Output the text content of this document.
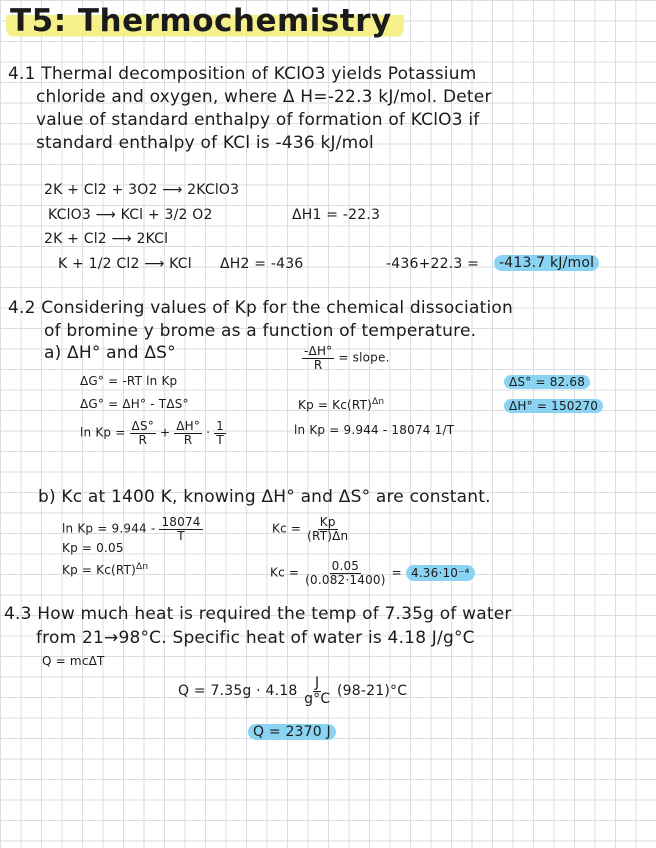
T5: Thermochemistry
4.1 Thermal decomposition of KClO3 yields Potassium
chloride and oxygen, where Δ H=-22.3 kJ/mol. Deter
value of standard enthalpy of formation of KClO3 if
standard enthalpy of KCl is -436 kJ/mol
2K + Cl2 + 3O2 ⟶ 2KClO3
KClO3 ⟶ KCl + 3/2 O2	ΔH1 = -22.3
2K + Cl2 ⟶ 2KCl
K + 1/2 Cl2 ⟶ KCl ΔH2 = -436	-436+22.3 =	-413.7 kJ/mol
4.2 Considering values of Kp for the chemical dissociation
of bromine y brome as a function of temperature.
a) ΔH° and ΔS°	$\frac{-\Delta H^\circ}{R}$ = slope.
ΔG° = -RT ln Kp
ΔG° = ΔH° - TΔS°
$\ln Kp = \frac{\Delta S^\circ}{R} + \frac{\Delta H^\circ}{R} \cdot \frac{1}{T}$
Kp = Kc(RT)$^{\Delta n}$
ln Kp = 9.944 - 18074 1/T
ΔS° = 82.68
ΔH° = 150270
b) Kc at 1400 K, knowing ΔH° and ΔS° are constant.
$\ln Kp = 9.944 - \frac{18074}{T}$
Kp = 0.05
Kp = Kc(RT)$^{\Delta n}$
$Kc = \frac{Kp}{(RT)\Delta n}$
$Kc = \frac{0.05}{(0.082\cdot 1400)} = 4.36\cdot 10^{-4}$
4.3 How much heat is required the temp of 7.35g of water
from 21→98°C. Specific heat of water is 4.18 J/g°C
Q = mcΔT
$Q = 7.35g \cdot 4.18 \frac{J}{g^\circ C} (98-21)^\circ C$
Q = 2370 J
